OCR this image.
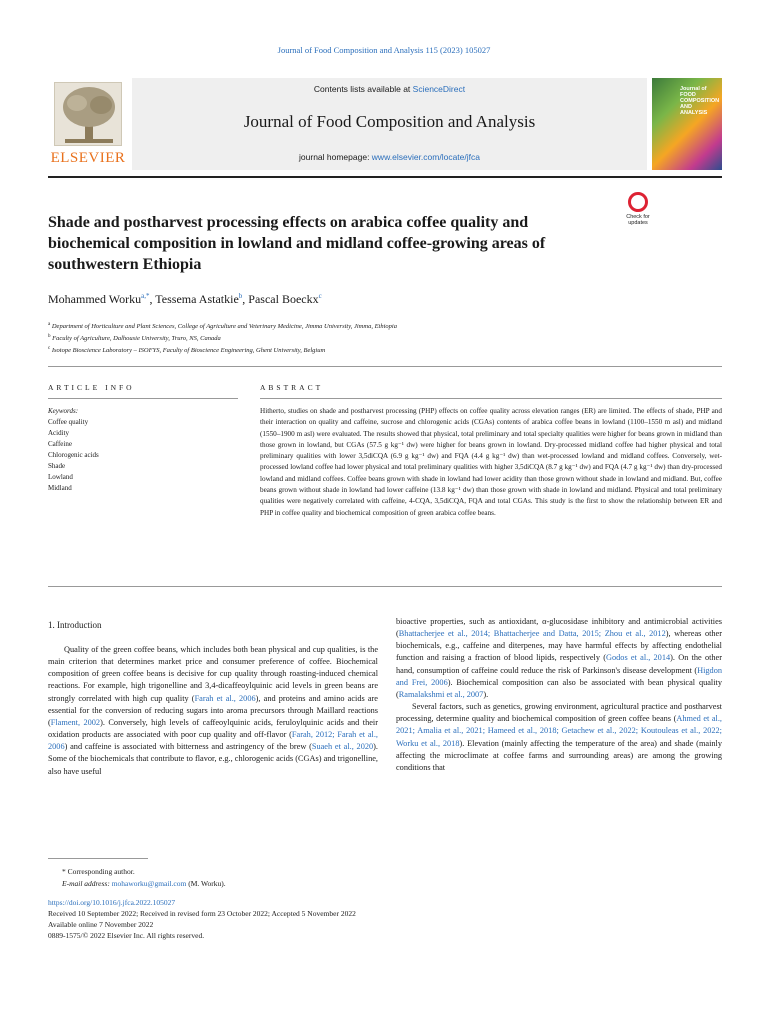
Journal of Food Composition and Analysis 115 (2023) 105027
ELSEVIER
Contents lists available at ScienceDirect
Journal of Food Composition and Analysis
journal homepage: www.elsevier.com/locate/jfca
Journal of FOOD COMPOSITION AND ANALYSIS
Shade and postharvest processing effects on arabica coffee quality and biochemical composition in lowland and midland coffee-growing areas of southwestern Ethiopia
Check for updates
Mohammed Worku$^{a,*}$, Tessema Astatkie$^b$, Pascal Boeckx$^c$
$^a$ Department of Horticulture and Plant Sciences, College of Agriculture and Veterinary Medicine, Jimma University, Jimma, Ethiopia
$^b$ Faculty of Agriculture, Dalhousie University, Truro, NS, Canada
$^c$ Isotope Bioscience Laboratory – ISOFYS, Faculty of Bioscience Engineering, Ghent University, Belgium
ARTICLE INFO	ABSTRACT
Keywords:
Coffee quality
Acidity
Caffeine
Chlorogenic acids
Shade
Lowland
Midland
Hitherto, studies on shade and postharvest processing (PHP) effects on coffee quality across elevation ranges (ER) are limited. The effects of shade, PHP and their interaction on quality and caffeine, sucrose and chlorogenic acids (CGAs) contents of arabica coffee beans in lowland (1100–1550 m asl) and midland (1550–1900 m asl) were evaluated. The results showed that physical, total preliminary and total specialty qualities were higher for beans grown in midland than those grown in lowland, but CGAs (57.5 g kg⁻¹ dw) were higher for beans grown in lowland. Dry-processed midland coffee had higher physical and total preliminary qualities with lower 3,5diCQA (6.9 g kg⁻¹ dw) and FQA (4.4 g kg⁻¹ dw) than wet-processed lowland and midland coffees. Conversely, wet-processed lowland coffee had lower physical and total preliminary qualities with higher 3,5diCQA (8.7 g kg⁻¹ dw) and FQA (4.7 g kg⁻¹ dw) than dry-processed lowland and midland coffees. Coffee beans grown with shade in lowland had lower acidity than those grown without shade in lowland and midland. But, coffee beans grown without shade in lowland had lower caffeine (13.8 kg⁻¹ dw) than those grown with shade in lowland and midland. Physical and total preliminary qualities were negatively correlated with caffeine, 4-CQA, 3,5diCQA, FQA and total CGAs. This study is the first to show the relationship between ER and PHP in coffee quality and biochemical composition of green arabica coffee beans.
1. Introduction

Quality of the green coffee beans, which includes both bean physical and cup qualities, is the main criterion that determines market price and consumer preference of coffee. Biochemical composition of green coffee beans is decisive for cup quality through roasting-induced chemical reactions. For example, high trigonelline and 3,4-dicaffeoylquinic acid levels in green beans are strongly correlated with high cup quality (Farah et al., 2006), and proteins and amino acids are essential for the conversion of reducing sugars into aroma precursors through Maillard reactions (Flament, 2002). Conversely, high levels of caffeoylquinic acids, feruloylquinic acids and their oxidation products are associated with poor cup quality and off-flavor (Farah, 2012; Farah et al., 2006) and caffeine is associated with bitterness and astringency of the brew (Suaeh et al., 2020). Some of the biochemicals that contribute to flavor, e.g., chlorogenic acids (CGAs) and trigonelline, also have useful

bioactive properties, such as antioxidant, α-glucosidase inhibitory and antimicrobial activities (Bhattacherjee et al., 2014; Bhattacherjee and Datta, 2015; Zhou et al., 2012), whereas other biochemicals, e.g., caffeine and diterpenes, may have harmful effects by affecting endothelial function and raising a fraction of blood lipids, respectively (Godos et al., 2014). On the other hand, consumption of caffeine could reduce the risk of Parkinson's disease development (Higdon and Frei, 2006). Biochemical composition can also be associated with bean physical quality (Ramalakshmi et al., 2007).

Several factors, such as genetics, growing environment, agricultural practice and postharvest processing, determine quality and biochemical composition of green coffee beans (Ahmed et al., 2021; Amalia et al., 2021; Hameed et al., 2018; Getachew et al., 2022; Koutouleas et al., 2022; Worku et al., 2018). Elevation (mainly affecting the temperature of the area) and shade (mainly affecting the microclimate at coffee farms and surrounding areas) are among the growing conditions that

* Corresponding author.
E-mail address: mohaworku@gmail.com (M. Worku).
https://doi.org/10.1016/j.jfca.2022.105027
Received 10 September 2022; Received in revised form 23 October 2022; Accepted 5 November 2022
Available online 7 November 2022
0889-1575/© 2022 Elsevier Inc. All rights reserved.
